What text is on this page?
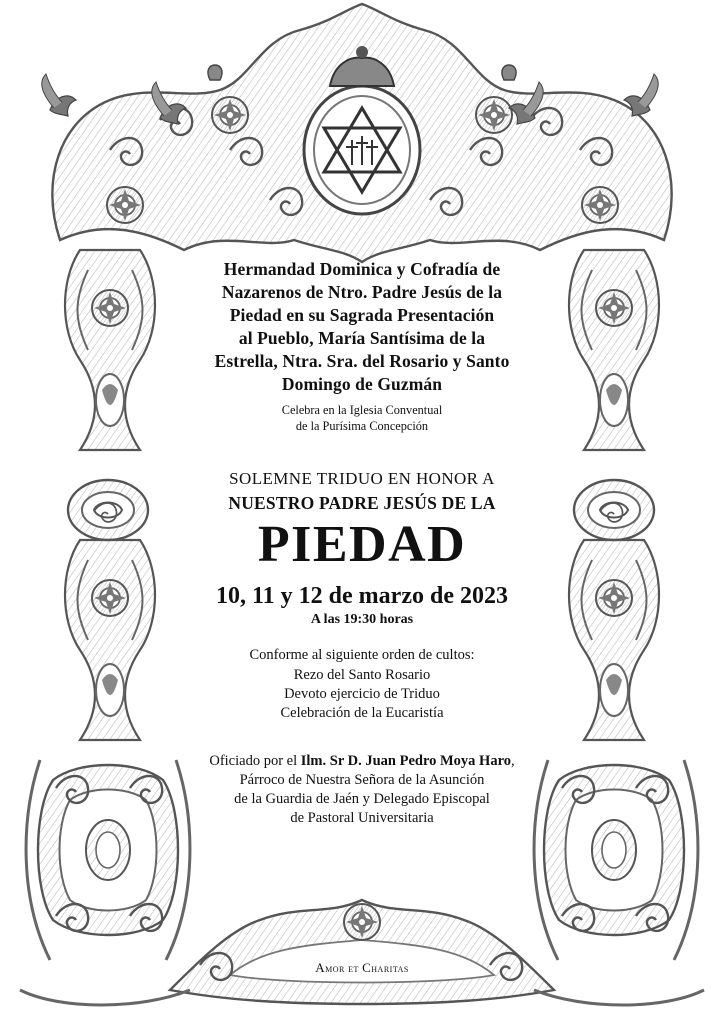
Hermandad Dominica y Cofradía de
Nazarenos de Ntro. Padre Jesús de la
Piedad en su Sagrada Presentación
al Pueblo, María Santísima de la
Estrella, Ntra. Sra. del Rosario y Santo
Domingo de Guzmán
Celebra en la Iglesia Conventual
de la Purísima Concepción
SOLEMNE TRIDUO EN HONOR A
NUESTRO PADRE JESÚS DE LA
PIEDAD
10, 11 y 12 de marzo de 2023
A las 19:30 horas
Conforme al siguiente orden de cultos:
Rezo del Santo Rosario
Devoto ejercicio de Triduo
Celebración de la Eucaristía
Oficiado por el Ilm. Sr D. Juan Pedro Moya Haro,
Párroco de Nuestra Señora de la Asunción
de la Guardia de Jaén y Delegado Episcopal
de Pastoral Universitaria
Amor et Charitas
